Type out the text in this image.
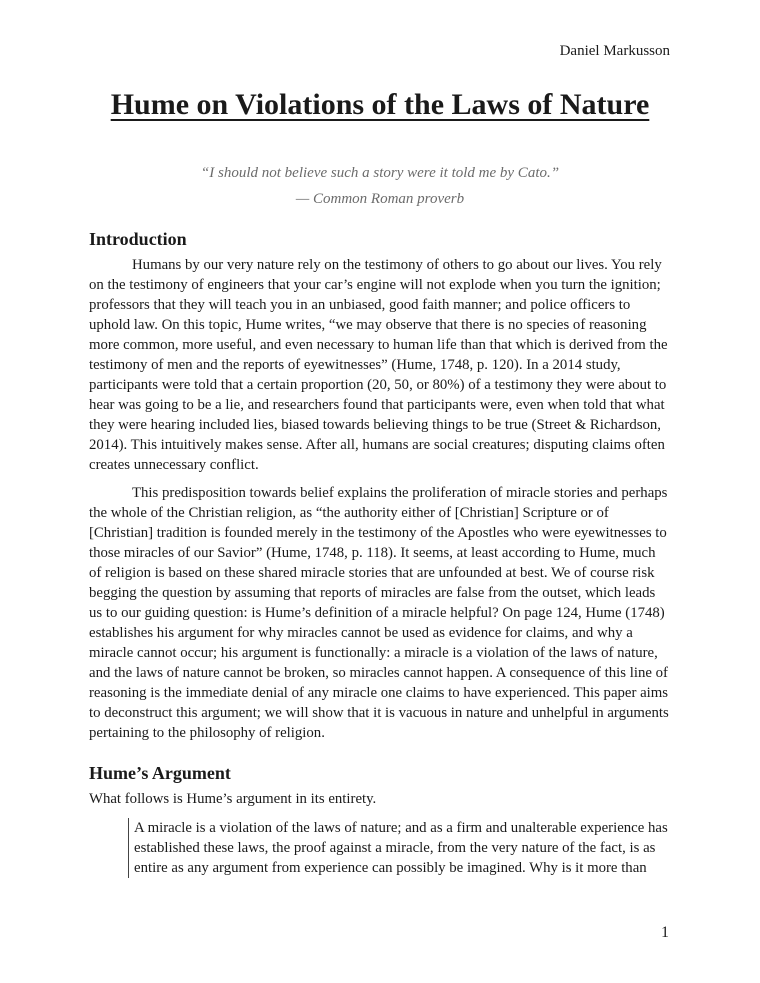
Daniel Markusson
Hume on Violations of the Laws of Nature
“I should not believe such a story were it told me by Cato.”
— Common Roman proverb
Introduction

Humans by our very nature rely on the testimony of others to go about our lives. You rely on the testimony of engineers that your car’s engine will not explode when you turn the ignition; professors that they will teach you in an unbiased, good faith manner; and police officers to uphold law. On this topic, Hume writes, “we may observe that there is no species of reasoning more common, more useful, and even necessary to human life than that which is derived from the testimony of men and the reports of eyewitnesses” (Hume, 1748, p. 120). In a 2014 study, participants were told that a certain proportion (20, 50, or 80%) of a testimony they were about to hear was going to be a lie, and researchers found that participants were, even when told that what they were hearing included lies, biased towards believing things to be true (Street & Richardson, 2014). This intuitively makes sense. After all, humans are social creatures; disputing claims often creates unnecessary conflict.

This predisposition towards belief explains the proliferation of miracle stories and perhaps the whole of the Christian religion, as “the authority either of [Christian] Scripture or of [Christian] tradition is founded merely in the testimony of the Apostles who were eyewitnesses to those miracles of our Savior” (Hume, 1748, p. 118). It seems, at least according to Hume, much of religion is based on these shared miracle stories that are unfounded at best. We of course risk begging the question by assuming that reports of miracles are false from the outset, which leads us to our guiding question: is Hume’s definition of a miracle helpful? On page 124, Hume (1748) establishes his argument for why miracles cannot be used as evidence for claims, and why a miracle cannot occur; his argument is functionally: a miracle is a violation of the laws of nature, and the laws of nature cannot be broken, so miracles cannot happen. A consequence of this line of reasoning is the immediate denial of any miracle one claims to have experienced. This paper aims to deconstruct this argument; we will show that it is vacuous in nature and unhelpful in arguments pertaining to the philosophy of religion.

Hume’s Argument

What follows is Hume’s argument in its entirety.

A miracle is a violation of the laws of nature; and as a firm and unalterable experience has established these laws, the proof against a miracle, from the very nature of the fact, is as entire as any argument from experience can possibly be imagined. Why is it more than
1
